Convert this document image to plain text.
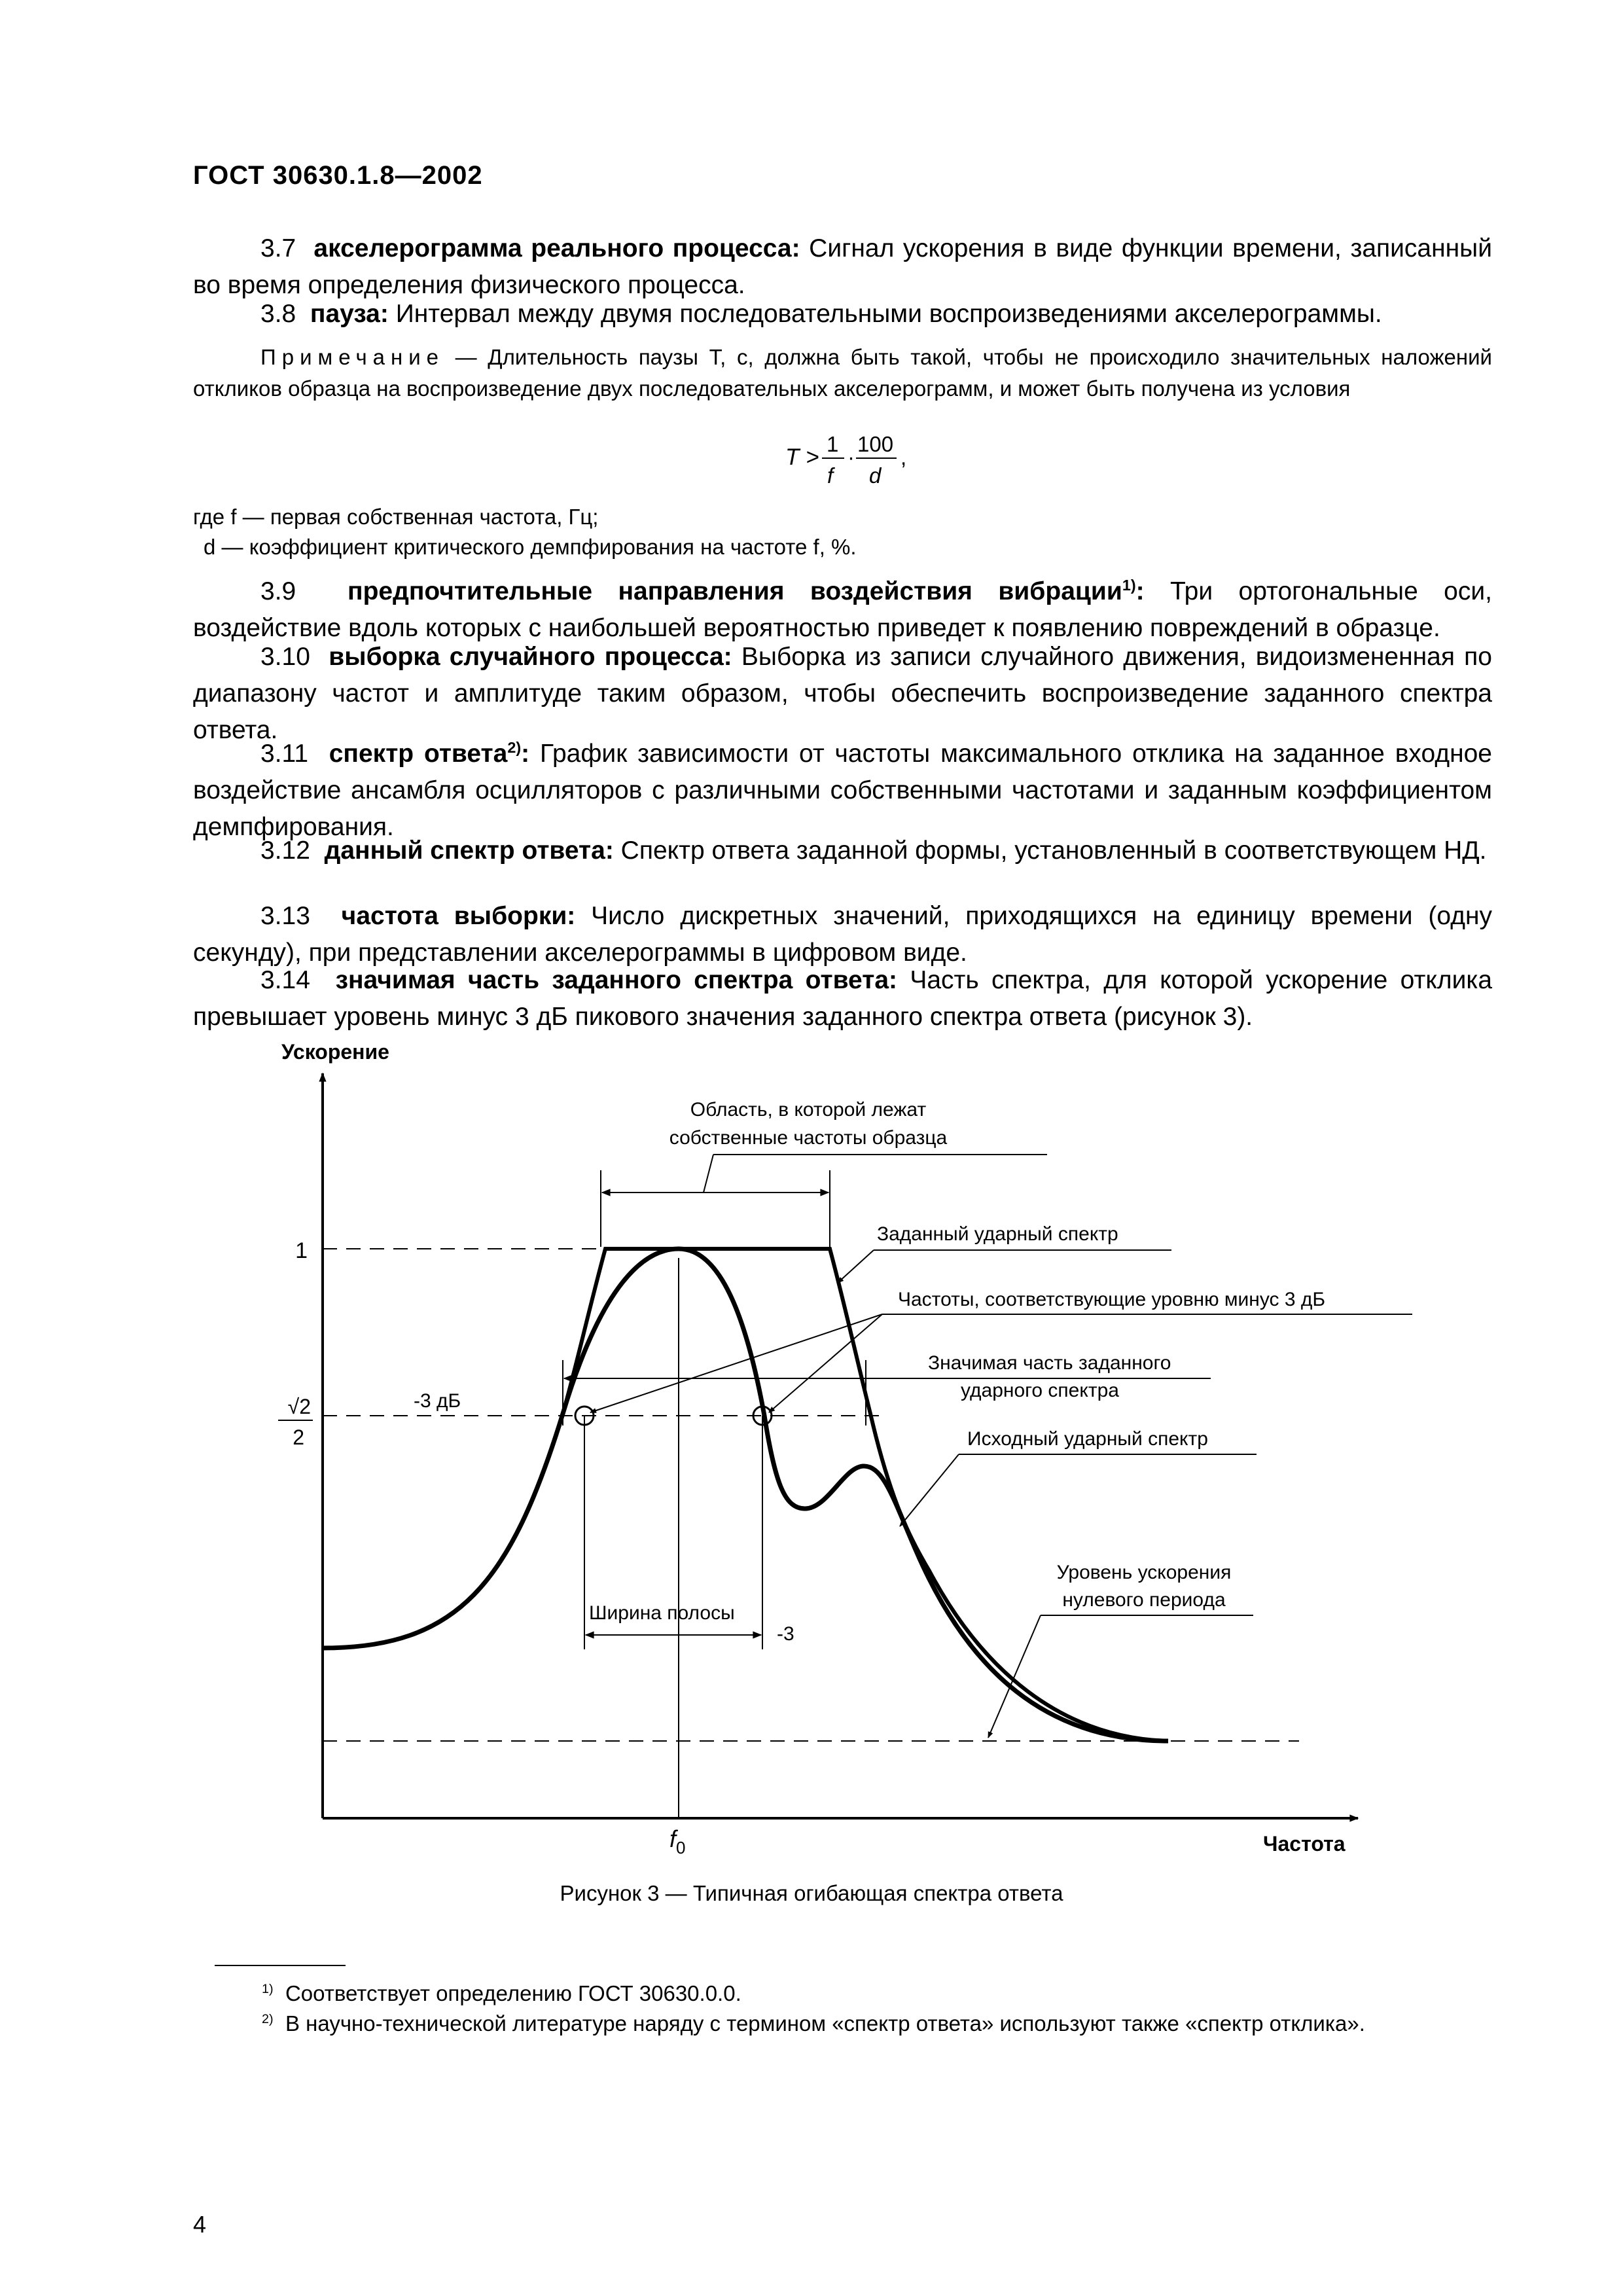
ГОСТ 30630.1.8—2002
3.7 акселерограмма реального процесса: Сигнал ускорения в виде функции времени, записанный во время определения физического процесса.
3.8 пауза: Интервал между двумя последовательными воспроизведениями акселерограммы.
Примечание — Длительность паузы T, с, должна быть такой, чтобы не происходило значительных наложений откликов образца на воспроизведение двух последовательных акселерограмм, и может быть получена из условия
T >
1
f
·
100
d
,
где f — первая собственная частота, Гц;
d — коэффициент критического демпфирования на частоте f, %.
3.9 предпочтительные направления воздействия вибрации$^{1)}$: Три ортогональные оси, воздействие вдоль которых с наибольшей вероятностью приведет к появлению повреждений в образце.
3.10 выборка случайного процесса: Выборка из записи случайного движения, видоизмененная по диапазону частот и амплитуде таким образом, чтобы обеспечить воспроизведение заданного спектра ответа.
3.11 спектр ответа$^{2)}$: График зависимости от частоты максимального отклика на заданное входное воздействие ансамбля осцилляторов с различными собственными частотами и заданным коэффициентом демпфирования.
3.12 данный спектр ответа: Спектр ответа заданной формы, установленный в соответствующем НД.
3.13 частота выборки: Число дискретных значений, приходящихся на единицу времени (одну секунду), при представлении акселерограммы в цифровом виде.
3.14 значимая часть заданного спектра ответа: Часть спектра, для которой ускорение отклика превышает уровень минус 3 дБ пикового значения заданного спектра ответа (рисунок 3).
Ускорение
Частота
$f_0$
1
√2
2
Область, в которой лежат
собственные частоты образца
Заданный ударный спектр
Частоты, соответствующие уровню минус 3 дБ
Значимая часть заданного
ударного спектра
-3 дБ
Исходный ударный спектр
Уровень ускорения
нулевого периода
Ширина полосы
-3
Рисунок 3 — Типичная огибающая спектра ответа
$^{1)}$ Соответствует определению ГОСТ 30630.0.0.
$^{2)}$ В научно-технической литературе наряду с термином «спектр ответа» используют также «спектр отклика».
4
